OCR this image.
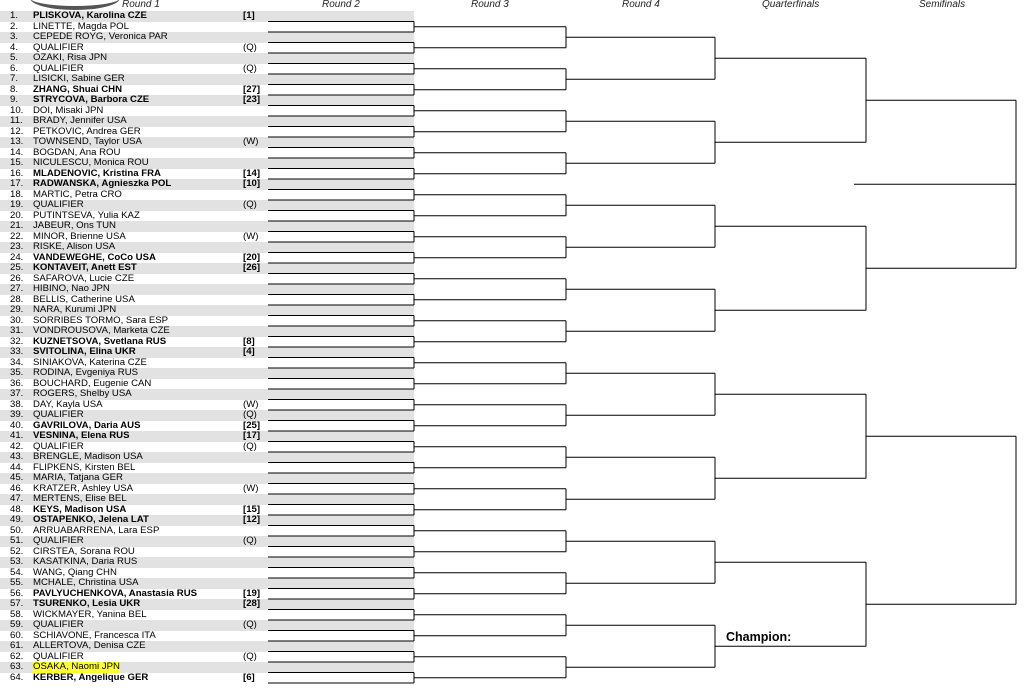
Round 1	Round 2	Round 3	Round 4	Quarterfinals	Semifinals
1. PLISKOVA, Karolina CZE	[1]
2. LINETTE, Magda POL
3. CEPEDE ROYG, Veronica PAR
4. QUALIFIER	(Q)
5. OZAKI, Risa JPN
6. QUALIFIER	(Q)
7. LISICKI, Sabine GER
8. ZHANG, Shuai CHN	[27]
9. STRYCOVA, Barbora CZE	[23]
10. DOI, Misaki JPN
11. BRADY, Jennifer USA
12. PETKOVIC, Andrea GER
13. TOWNSEND, Taylor USA	(W)
14. BOGDAN, Ana ROU
15. NICULESCU, Monica ROU
16. MLADENOVIC, Kristina FRA	[14]
17. RADWANSKA, Agnieszka POL	[10]
18. MARTIC, Petra CRO
19. QUALIFIER	(Q)
20. PUTINTSEVA, Yulia KAZ
21. JABEUR, Ons TUN
22. MINOR, Brienne USA	(W)
23. RISKE, Alison USA
24. VANDEWEGHE, CoCo USA	[20]
25. KONTAVEIT, Anett EST	[26]
26. SAFAROVA, Lucie CZE
27. HIBINO, Nao JPN
28. BELLIS, Catherine USA
29. NARA, Kurumi JPN
30. SORRIBES TORMO, Sara ESP
31. VONDROUSOVA, Marketa CZE
32. KUZNETSOVA, Svetlana RUS	[8]
33. SVITOLINA, Elina UKR	[4]
34. SINIAKOVA, Katerina CZE
35. RODINA, Evgeniya RUS
36. BOUCHARD, Eugenie CAN
37. ROGERS, Shelby USA
38. DAY, Kayla USA	(W)
39. QUALIFIER	(Q)
40. GAVRILOVA, Daria AUS	[25]
41. VESNINA, Elena RUS	[17]
42. QUALIFIER	(Q)
43. BRENGLE, Madison USA
44. FLIPKENS, Kirsten BEL
45. MARIA, Tatjana GER
46. KRATZER, Ashley USA	(W)
47. MERTENS, Elise BEL
48. KEYS, Madison USA	[15]
49. OSTAPENKO, Jelena LAT	[12]
50. ARRUABARRENA, Lara ESP
51. QUALIFIER	(Q)
52. CIRSTEA, Sorana ROU
53. KASATKINA, Daria RUS
54. WANG, Qiang CHN
55. MCHALE, Christina USA
56. PAVLYUCHENKOVA, Anastasia RUS	[19]
57. TSURENKO, Lesia UKR	[28]
58. WICKMAYER, Yanina BEL
59. QUALIFIER	(Q)
60. SCHIAVONE, Francesca ITA
61. ALLERTOVA, Denisa CZE
62. QUALIFIER	(Q)
63. OSAKA, Naomi JPN
64. KERBER, Angelique GER	[6]
Champion:
